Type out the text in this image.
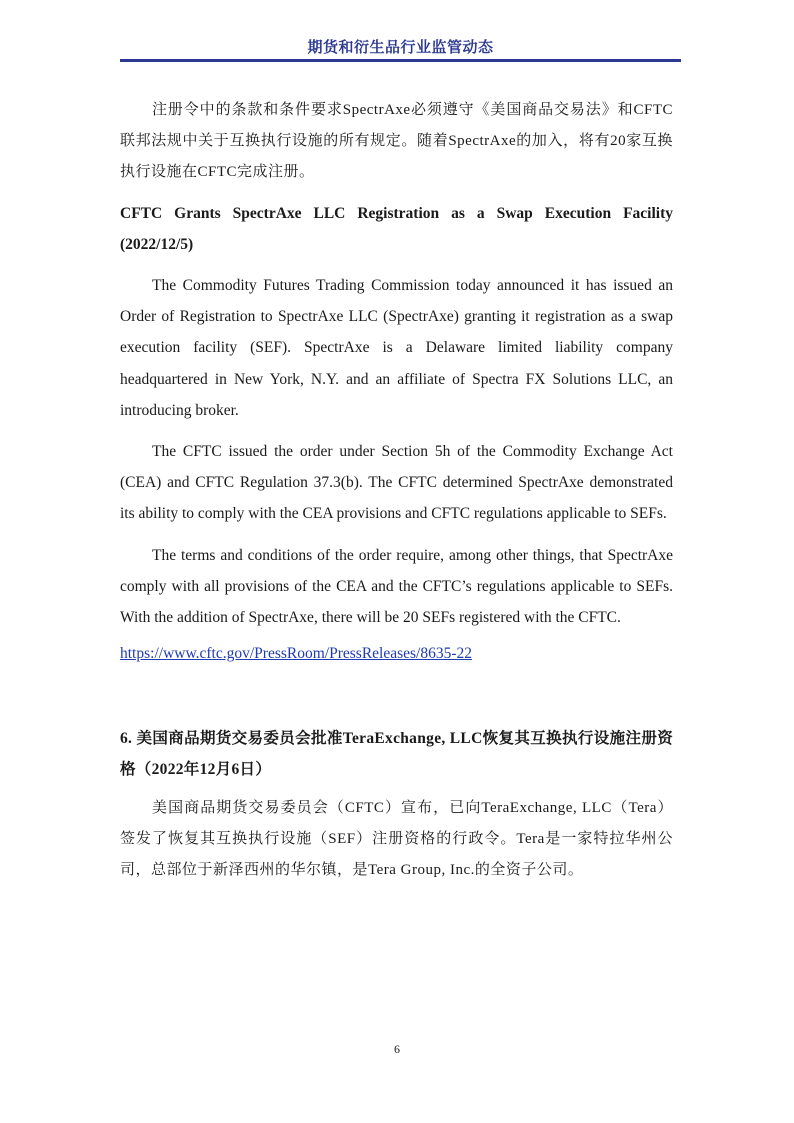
期货和衍生品行业监管动态

注册令中的条款和条件要求SpectrAxe必须遵守《美国商品交易法》和CFTC联邦法规中关于互换执行设施的所有规定。随着SpectrAxe的加入，将有20家互换执行设施在CFTC完成注册。

CFTC Grants SpectrAxe LLC Registration as a Swap Execution Facility (2022/12/5)

The Commodity Futures Trading Commission today announced it has issued an Order of Registration to SpectrAxe LLC (SpectrAxe) granting it registration as a swap execution facility (SEF). SpectrAxe is a Delaware limited liability company headquartered in New York, N.Y. and an affiliate of Spectra FX Solutions LLC, an introducing broker.

The CFTC issued the order under Section 5h of the Commodity Exchange Act (CEA) and CFTC Regulation 37.3(b). The CFTC determined SpectrAxe demonstrated its ability to comply with the CEA provisions and CFTC regulations applicable to SEFs.

The terms and conditions of the order require, among other things, that SpectrAxe comply with all provisions of the CEA and the CFTC’s regulations applicable to SEFs. With the addition of SpectrAxe, there will be 20 SEFs registered with the CFTC.

https://www.cftc.gov/PressRoom/PressReleases/8635-22

6. 美国商品期货交易委员会批准TeraExchange, LLC恢复其互换执行设施注册资格（2022年12月6日）

美国商品期货交易委员会（CFTC）宣布，已向TeraExchange, LLC（Tera）签发了恢复其互换执行设施（SEF）注册资格的行政令。Tera是一家特拉华州公司，总部位于新泽西州的华尔镇，是Tera Group, Inc.的全资子公司。

6
